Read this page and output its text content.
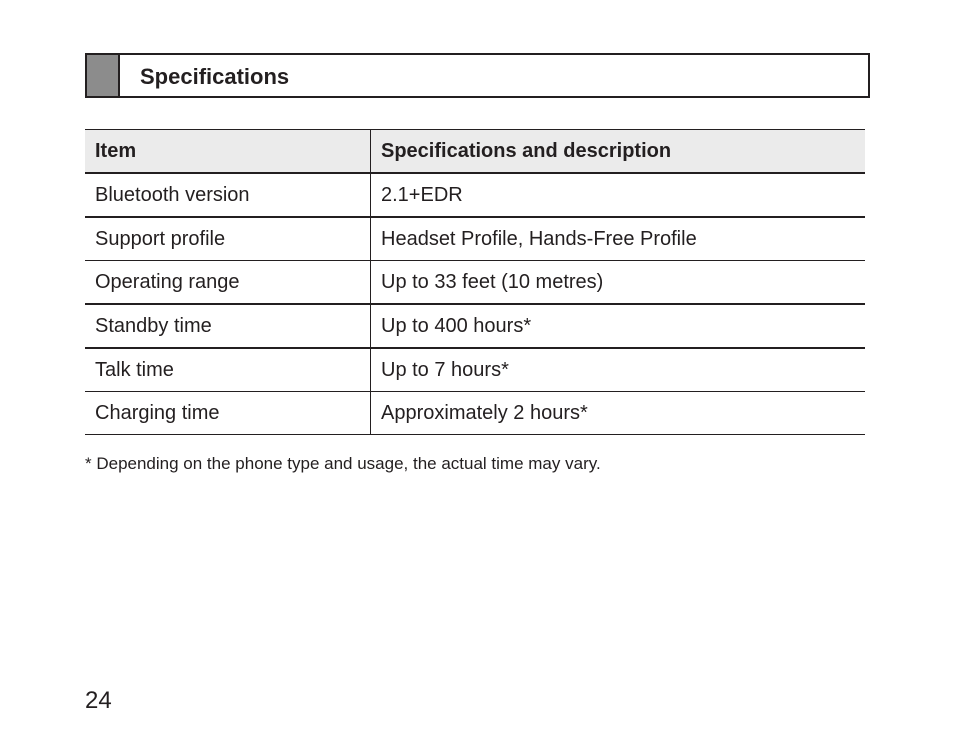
Specifications
Item	Specifications and description
Bluetooth version	2.1+EDR
Support profile	Headset Profile, Hands-Free Profile
Operating range	Up to 33 feet (10 metres)
Standby time	Up to 400 hours*
Talk time	Up to 7 hours*
Charging time	Approximately 2 hours*
* Depending on the phone type and usage, the actual time may vary.
24
